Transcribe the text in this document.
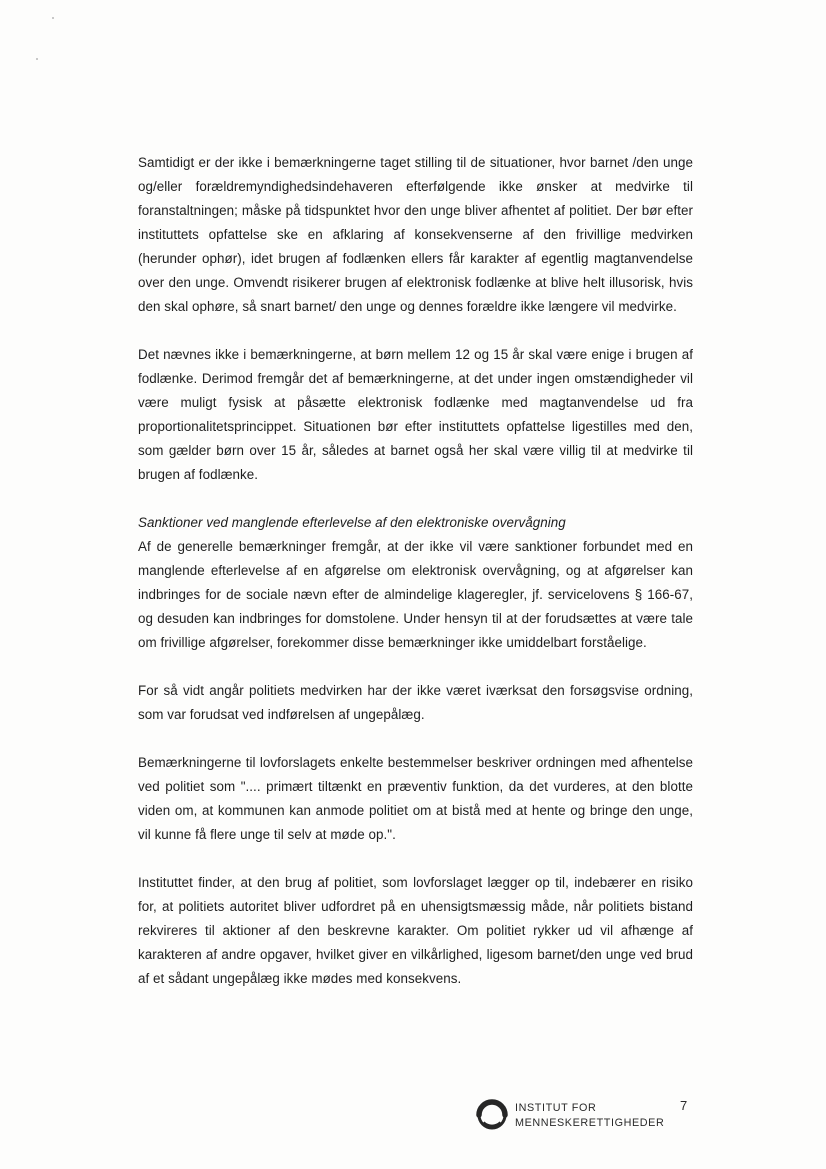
Samtidigt er der ikke i bemærkningerne taget stilling til de situationer, hvor barnet /den unge og/eller forældremyndighedsindehaveren efterfølgende ikke ønsker at medvirke til foranstaltningen; måske på tidspunktet hvor den unge bliver afhentet af politiet. Der bør efter instituttets opfattelse ske en afklaring af konsekvenserne af den frivillige medvirken (herunder ophør), idet brugen af fodlænken ellers får karakter af egentlig magtanvendelse over den unge. Omvendt risikerer brugen af elektronisk fodlænke at blive helt illusorisk, hvis den skal ophøre, så snart barnet/ den unge og dennes forældre ikke længere vil medvirke.

Det nævnes ikke i bemærkningerne, at børn mellem 12 og 15 år skal være enige i brugen af fodlænke. Derimod fremgår det af bemærkningerne, at det under ingen omstændigheder vil være muligt fysisk at påsætte elektronisk fodlænke med magtanvendelse ud fra proportionalitetsprincippet. Situationen bør efter instituttets opfattelse ligestilles med den, som gælder børn over 15 år, således at barnet også her skal være villig til at medvirke til brugen af fodlænke.

Sanktioner ved manglende efterlevelse af den elektroniske overvågning

Af de generelle bemærkninger fremgår, at der ikke vil være sanktioner forbundet med en manglende efterlevelse af en afgørelse om elektronisk overvågning, og at afgørelser kan indbringes for de sociale nævn efter de almindelige klageregler, jf. servicelovens § 166-67, og desuden kan indbringes for domstolene. Under hensyn til at der forudsættes at være tale om frivillige afgørelser, forekommer disse bemærkninger ikke umiddelbart forståelige.

For så vidt angår politiets medvirken har der ikke været iværksat den forsøgsvise ordning, som var forudsat ved indførelsen af ungepålæg.

Bemærkningerne til lovforslagets enkelte bestemmelser beskriver ordningen med afhentelse ved politiet som ".... primært tiltænkt en præventiv funktion, da det vurderes, at den blotte viden om, at kommunen kan anmode politiet om at bistå med at hente og bringe den unge, vil kunne få flere unge til selv at møde op.".

Instituttet finder, at den brug af politiet, som lovforslaget lægger op til, indebærer en risiko for, at politiets autoritet bliver udfordret på en uhensigtsmæssig måde, når politiets bistand rekvireres til aktioner af den beskrevne karakter. Om politiet rykker ud vil afhænge af karakteren af andre opgaver, hvilket giver en vilkårlighed, ligesom barnet/den unge ved brud af et sådant ungepålæg ikke mødes med konsekvens.

INSTITUT FOR
MENNESKERETTIGHEDER
7
